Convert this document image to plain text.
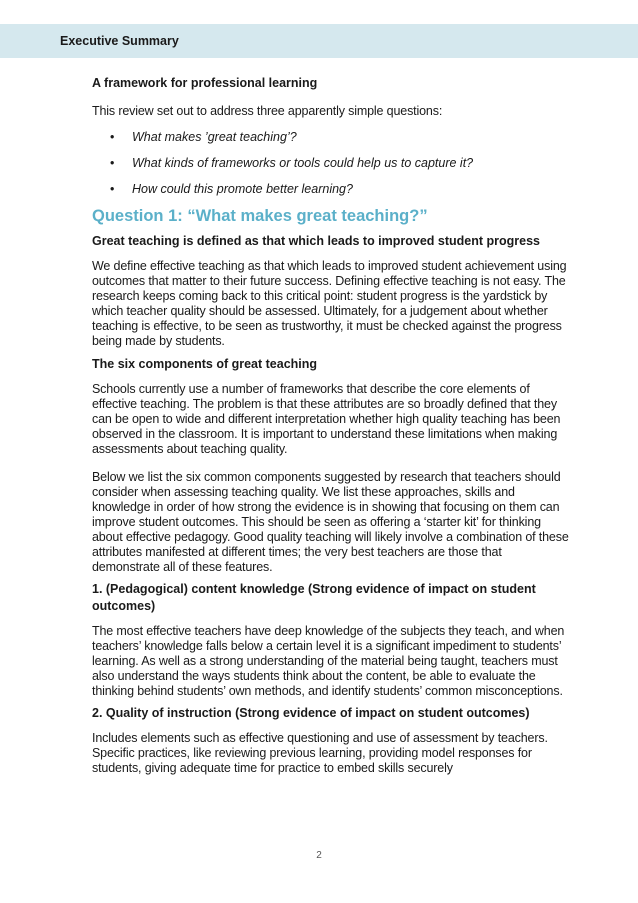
Executive Summary

A framework for professional learning

This review set out to address three apparently simple questions:

• What makes ’great teaching’?
• What kinds of frameworks or tools could help us to capture it?
• How could this promote better learning?

Question 1: “What makes great teaching?”

Great teaching is defined as that which leads to improved student progress

We define effective teaching as that which leads to improved student achievement using outcomes that matter to their future success. Defining effective teaching is not easy. The research keeps coming back to this critical point: student progress is the yardstick by which teacher quality should be assessed. Ultimately, for a judgement about whether teaching is effective, to be seen as trustworthy, it must be checked against the progress being made by students.

The six components of great teaching

Schools currently use a number of frameworks that describe the core elements of effective teaching. The problem is that these attributes are so broadly defined that they can be open to wide and different interpretation whether high quality teaching has been observed in the classroom. It is important to understand these limitations when making assessments about teaching quality.

Below we list the six common components suggested by research that teachers should consider when assessing teaching quality. We list these approaches, skills and knowledge in order of how strong the evidence is in showing that focusing on them can improve student outcomes. This should be seen as offering a ‘starter kit’ for thinking about effective pedagogy. Good quality teaching will likely involve a combination of these attributes manifested at different times; the very best teachers are those that demonstrate all of these features.

1. (Pedagogical) content knowledge (Strong evidence of impact on student outcomes)

The most effective teachers have deep knowledge of the subjects they teach, and when teachers’ knowledge falls below a certain level it is a significant impediment to students’ learning. As well as a strong understanding of the material being taught, teachers must also understand the ways students think about the content, be able to evaluate the thinking behind students’ own methods, and identify students’ common misconceptions.

2. Quality of instruction (Strong evidence of impact on student outcomes)

Includes elements such as effective questioning and use of assessment by teachers. Specific practices, like reviewing previous learning, providing model responses for students, giving adequate time for practice to embed skills securely

2
